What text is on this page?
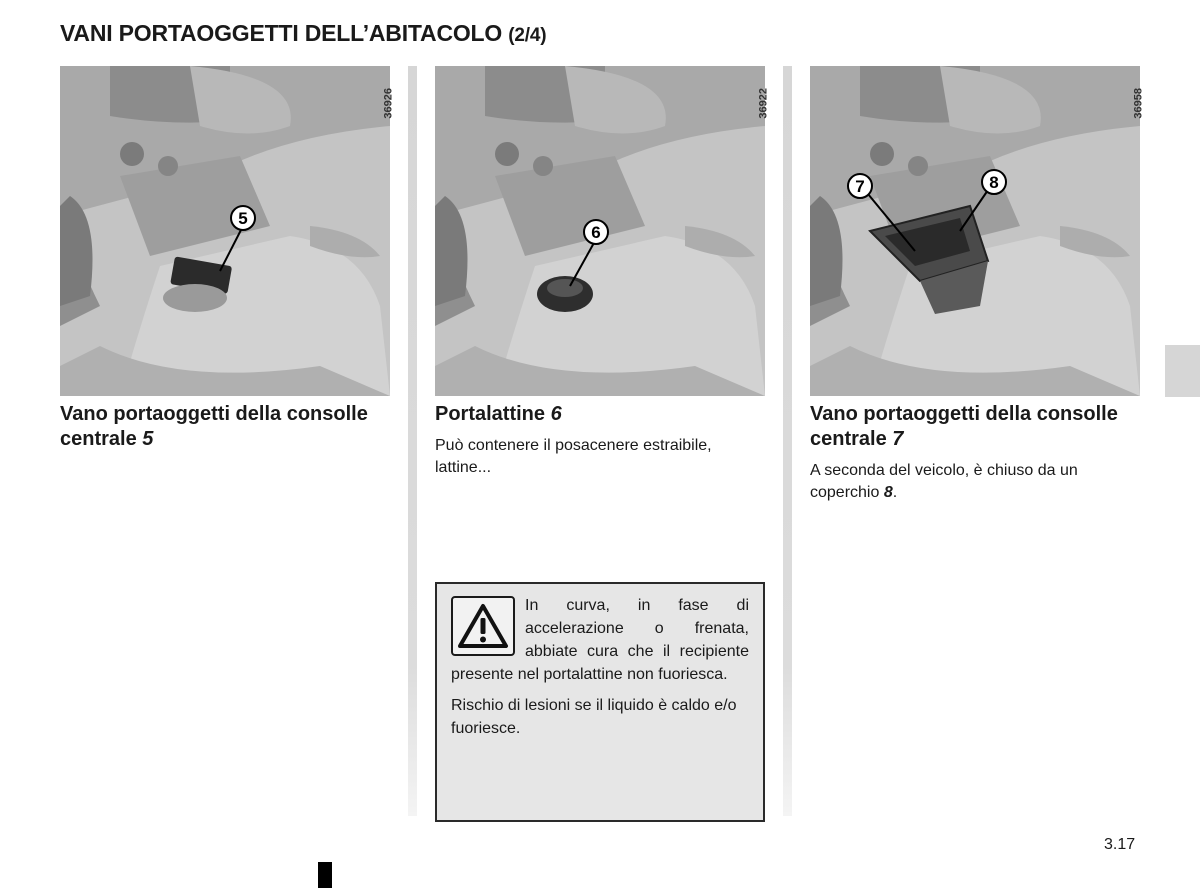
VANI PORTAOGGETTI DELL’ABITACOLO (2/4)
5
36926
6
36922
7	8
36958
Vano portaoggetti della consolle centrale 5
Portalattine 6
Può contenere il posacenere estraibile, lattine...
Vano portaoggetti della consolle centrale 7
A seconda del veicolo, è chiuso da un coperchio 8.

In curva, in fase di accelerazione o frenata, abbiate cura che il recipiente presente nel portalattine non fuoriesca.

Rischio di lesioni se il liquido è caldo e/o fuoriesce.

3.17
